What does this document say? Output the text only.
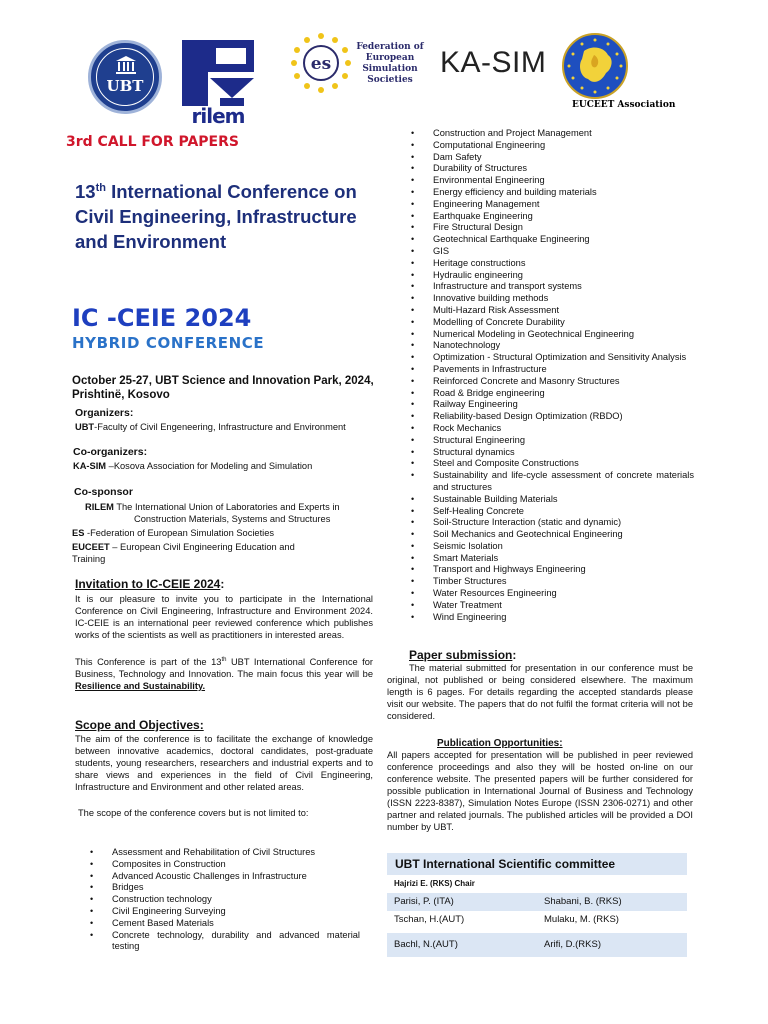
UBT
rilem
es
Federation of
European
Simulation
Societies
KA-SIM
EUCEET Association
3rd CALL FOR PAPERS
13th International Conference on Civil Engineering, Infrastructure and Environment
IC -CEIE 2024
HYBRID CONFERENCE
October 25-27, UBT Science and Innovation Park, 2024, Prishtinë, Kosovo
Organizers:
UBT-Faculty of Civil Engeneering, Infrastructure and Environment
Co-organizers:
KA-SIM –Kosova Association for Modeling and Simulation
Co-sponsor
RILEM The International Union of Laboratories and Experts in
Construction Materials, Systems and Structures
ES -Federation of European Simulation Societies
EUCEET – European Civil Engineering Education and
Training
Invitation to IC-CEIE 2024:
It is our pleasure to invite you to participate in the International Conference on Civil Engineering, Infrastructure and Environment 2024. IC-CEIE is an international peer reviewed conference which publishes works of the scientists as well as practitioners in interested areas.
This Conference is part of the 13th UBT International Conference for Business, Technology and Innovation. The main focus this year will be Resilience and Sustainability.
Scope and Objectives:
The aim of the conference is to facilitate the exchange of knowledge between innovative academics, doctoral candidates, post-graduate students, young researchers, researchers and industrial experts and to share views and experiences in the field of Civil Engineering, Infrastructure and Environment and other related areas.
The scope of the conference covers but is not limited to:
• Assessment and Rehabilitation of Civil Structures
• Composites in Construction
• Advanced Acoustic Challenges in Infrastructure
• Bridges
• Construction technology
• Civil Engineering Surveying
• Cement Based Materials
• Concrete technology, durability and advanced material testing
• Construction and Project Management
• Computational Engineering
• Dam Safety
• Durability of Structures
• Environmental Engineering
• Energy efficiency and building materials
• Engineering Management
• Earthquake Engineering
• Fire Structural Design
• Geotechnical Earthquake Engineering
• GIS
• Heritage constructions
• Hydraulic engineering
• Infrastructure and transport systems
• Innovative building methods
• Multi-Hazard Risk Assessment
• Modelling of Concrete Durability
• Numerical Modeling in Geotechnical Engineering
• Nanotechnology
• Optimization - Structural Optimization and Sensitivity Analysis
• Pavements in Infrastructure
• Reinforced Concrete and Masonry Structures
• Road & Bridge engineering
• Railway Engineering
• Reliability-based Design Optimization (RBDO)
• Rock Mechanics
• Structural Engineering
• Structural dynamics
• Steel and Composite Constructions
• Sustainability and life-cycle assessment of concrete materials and structures
• Sustainable Building Materials
• Self-Healing Concrete
• Soil-Structure Interaction (static and dynamic)
• Soil Mechanics and Geotechnical Engineering
• Seismic Isolation
• Smart Materials
• Transport and Highways Engineering
• Timber Structures
• Water Resources Engineering
• Water Treatment
• Wind Engineering
Paper submission:
The material submitted for presentation in our conference must be original, not published or being considered elsewhere. The maximum length is 6 pages. For details regarding the accepted standards please visit our website. The papers that do not fulfil the format criteria will not be considered.
Publication Opportunities:
All papers accepted for presentation will be published in peer reviewed conference proceedings and also they will be hosted on-line on our conference website. The presented papers will be further considered for possible publication in International Journal of Business and Technology (ISSN 2223-8387), Simulation Notes Europe (ISSN 2306-0271) and other partner and related journals. The published articles will be provided a DOI number by UBT.
UBT International Scientific committee
Hajrizi E. (RKS) Chair
Parisi, P. (ITA)	Shabani, B. (RKS)
Tschan, H.(AUT)	Mulaku, M. (RKS)
Bachl, N.(AUT)	Arifi, D.(RKS)
